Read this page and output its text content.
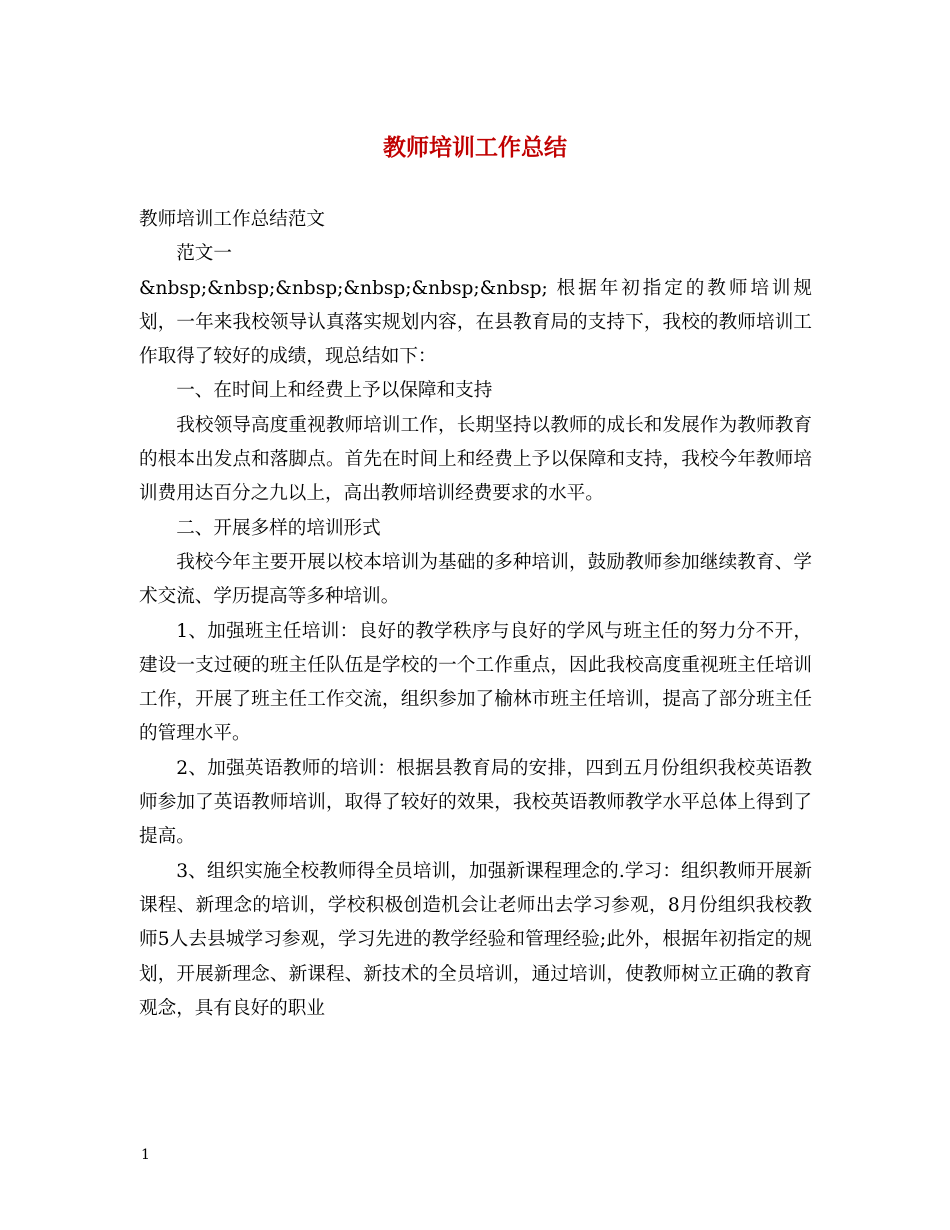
教师培训工作总结

教师培训工作总结范文

范文一

&nbsp;&nbsp;&nbsp;&nbsp;&nbsp;&nbsp; 根据年初指定的教师培训规划，一年来我校领导认真落实规划内容，在县教育局的支持下，我校的教师培训工作取得了较好的成绩，现总结如下：

一、在时间上和经费上予以保障和支持

我校领导高度重视教师培训工作，长期坚持以教师的成长和发展作为教师教育的根本出发点和落脚点。首先在时间上和经费上予以保障和支持，我校今年教师培训费用达百分之九以上，高出教师培训经费要求的水平。

二、开展多样的培训形式

我校今年主要开展以校本培训为基础的多种培训，鼓励教师参加继续教育、学术交流、学历提高等多种培训。

1、加强班主任培训：良好的教学秩序与良好的学风与班主任的努力分不开，建设一支过硬的班主任队伍是学校的一个工作重点，因此我校高度重视班主任培训工作，开展了班主任工作交流，组织参加了榆林市班主任培训，提高了部分班主任的管理水平。

2、加强英语教师的培训：根据县教育局的安排，四到五月份组织我校英语教师参加了英语教师培训，取得了较好的效果，我校英语教师教学水平总体上得到了提高。

3、组织实施全校教师得全员培训，加强新课程理念的.学习：组织教师开展新课程、新理念的培训，学校积极创造机会让老师出去学习参观，8月份组织我校教师5人去县城学习参观，学习先进的教学经验和管理经验;此外，根据年初指定的规划，开展新理念、新课程、新技术的全员培训，通过培训，使教师树立正确的教育观念，具有良好的职业

1
